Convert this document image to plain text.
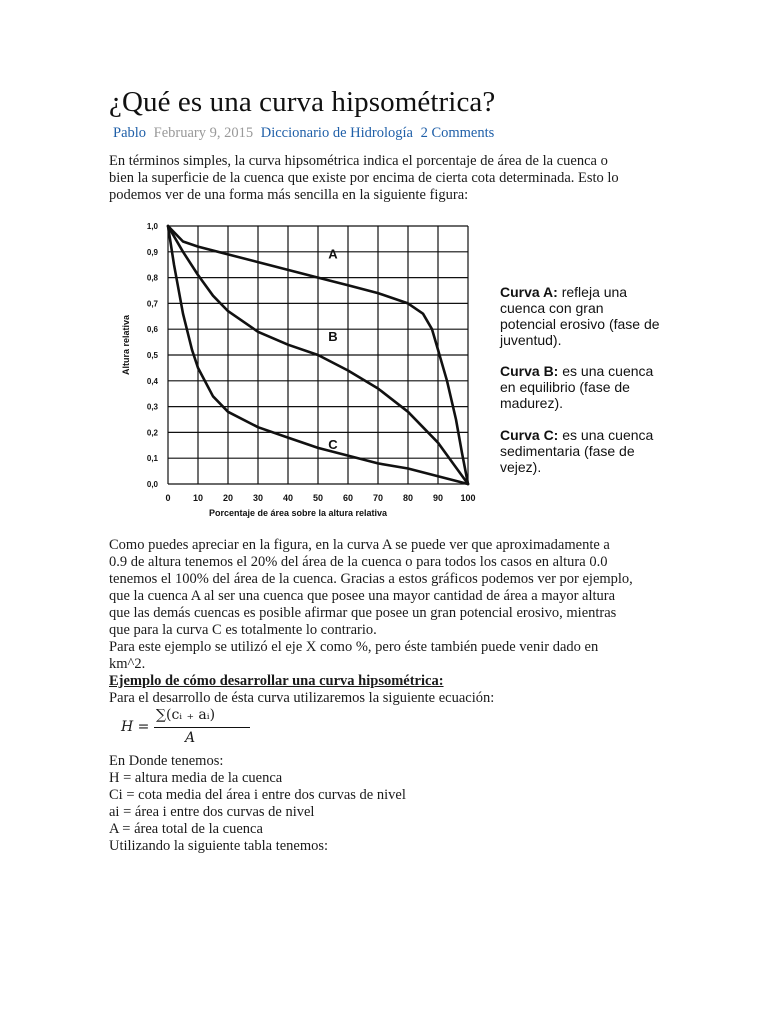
¿Qué es una curva hipsométrica?
Pablo February 9, 2015 Diccionario de Hidrología 2 Comments

En términos simples, la curva hipsométrica indica el porcentaje de área de la cuenca o

bien la superficie de la cuenca que existe por encima de cierta cota determinada. Esto lo

podemos ver de una forma más sencilla en la siguiente figura:

0 10 20 30 40 50 60 70 80 90 100
0,0
0,1
0,2
0,3
0,4
0,5
0,6
0,7
0,8
0,9
1,0
Porcentaje de área sobre la altura relativa
Altura relativa
A
B
C

Curva A: refleja una
cuenca con gran
potencial erosivo (fase de
juventud).

Curva B: es una cuenca
en equilibrio (fase de
madurez).

Curva C: es una cuenca
sedimentaria (fase de
vejez).

Como puedes apreciar en la figura, en la curva A se puede ver que aproximadamente a

0.9 de altura tenemos el 20% del área de la cuenca o para todos los casos en altura 0.0

tenemos el 100% del área de la cuenca. Gracias a estos gráficos podemos ver por ejemplo,

que la cuenca A al ser una cuenca que posee una mayor cantidad de área a mayor altura

que las demás cuencas es posible afirmar que posee un gran potencial erosivo, mientras

que para la curva C es totalmente lo contrario.

Para este ejemplo se utilizó el eje X como %, pero éste también puede venir dado en

km^2.

Ejemplo de cómo desarrollar una curva hipsométrica:

Para el desarrollo de ésta curva utilizaremos la siguiente ecuación:

H =
∑(cᵢ ₊ aᵢ)
A

En Donde tenemos:

H = altura media de la cuenca

Ci = cota media del área i entre dos curvas de nivel

ai = área i entre dos curvas de nivel

A = área total de la cuenca

Utilizando la siguiente tabla tenemos:
